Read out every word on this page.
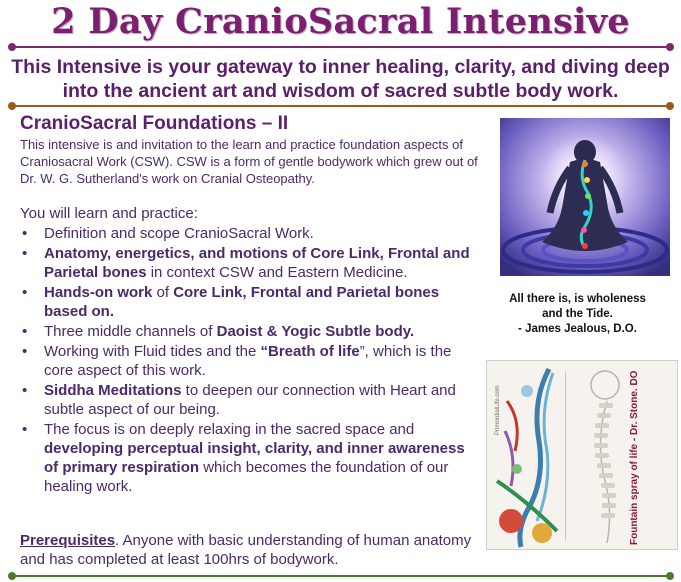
2 Day CranioSacral Intensive
This Intensive is your gateway to inner healing, clarity, and diving deep into the ancient art and wisdom of sacred subtle body work.
CranioSacral Foundations – II
This intensive is and invitation to the learn and practice foundation aspects of Craniosacral Work (CSW). CSW is a form of gentle bodywork which grew out of Dr. W. G. Sutherland's work on Cranial Osteopathy.
You will learn and practice:
• Definition and scope CranioSacral Work.
• Anatomy, energetics, and motions of Core Link, Frontal and Parietal bones in context CSW and Eastern Medicine.
• Hands-on work of Core Link, Frontal and Parietal bones based on.
• Three middle channels of Daoist & Yogic Subtle body.
• Working with Fluid tides and the “Breath of life”, which is the core aspect of this work.
• Siddha Meditations to deepen our connection with Heart and subtle aspect of our being.
• The focus is on deeply relaxing in the sacred space and developing perceptual insight, clarity, and inner awareness of primary respiration which becomes the foundation of our healing work.
Prerequisites. Anyone with basic understanding of human anatomy and has completed at least 100hrs of bodywork.
All there is, is wholeness
and the Tide.
- James Jealous, D.O.
Fountain spray of life - Dr. Stone. DO
PrimordialLife.com
